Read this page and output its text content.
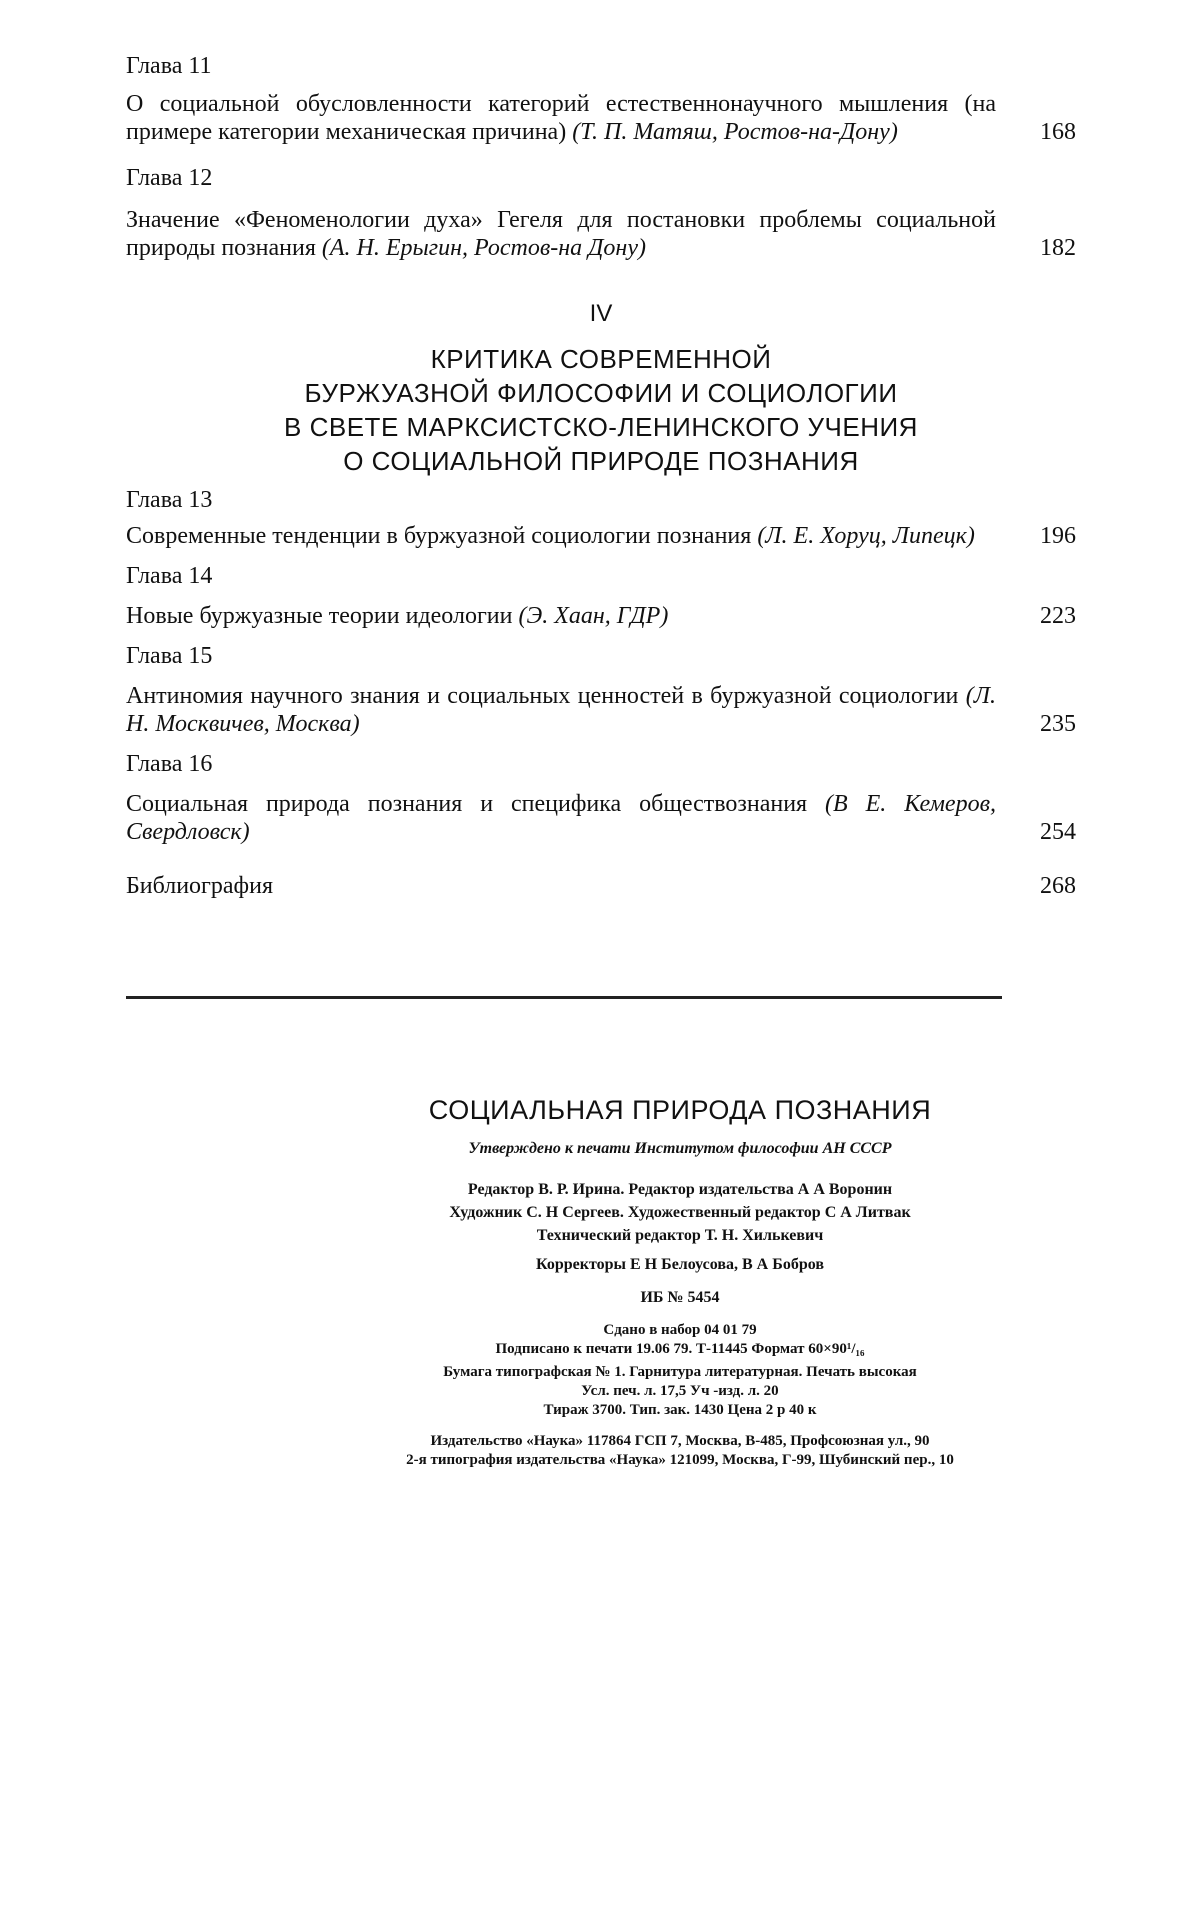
Глава 11

О социальной обусловленности категорий естественнонаучного мышления (на примере категории механическая причина) (Т. П. Матяш, Ростов-на-Дону)	168

Глава 12

Значение «Феноменологии духа» Гегеля для постановки проблемы социальной природы познания (А. Н. Ерыгин, Ростов-на Дону)	182

IV

КРИТИКА СОВРЕМЕННОЙ

БУРЖУАЗНОЙ ФИЛОСОФИИ И СОЦИОЛОГИИ

В СВЕТЕ МАРКСИСТСКО-ЛЕНИНСКОГО УЧЕНИЯ

О СОЦИАЛЬНОЙ ПРИРОДЕ ПОЗНАНИЯ

Глава 13

Современные тенденции в буржуазной социологии познания (Л. Е. Хоруц, Липецк)	196

Глава 14

Новые буржуазные теории идеологии (Э. Хаан, ГДР)	223

Глава 15

Антиномия научного знания и социальных ценностей в буржуазной социологии (Л. Н. Москвичев, Москва)	235

Глава 16

Социальная природа познания и специфика обществознания (В Е. Кемеров, Свердловск)	254
Библиография	268

СОЦИАЛЬНАЯ ПРИРОДА ПОЗНАНИЯ

Утверждено к печати Институтом философии АН СССР

Редактор В. Р. Ирина. Редактор издательства А А Воронин

Художник С. Н Сергеев. Художественный редактор С А Литвак

Технический редактор Т. Н. Хилькевич

Корректоры Е Н Белоусова, В А Бобров

ИБ № 5454

Сдано в набор 04 01 79

Подписано к печати 19.06 79. Т-11445 Формат 60×90¹/₁₆

Бумага типографская № 1. Гарнитура литературная. Печать высокая

Усл. печ. л. 17,5 Уч -изд. л. 20

Тираж 3700. Тип. зак. 1430 Цена 2 р 40 к

Издательство «Наука» 117864 ГСП 7, Москва, В-485, Профсоюзная ул., 90

2-я типография издательства «Наука» 121099, Москва, Г-99, Шубинский пер., 10
